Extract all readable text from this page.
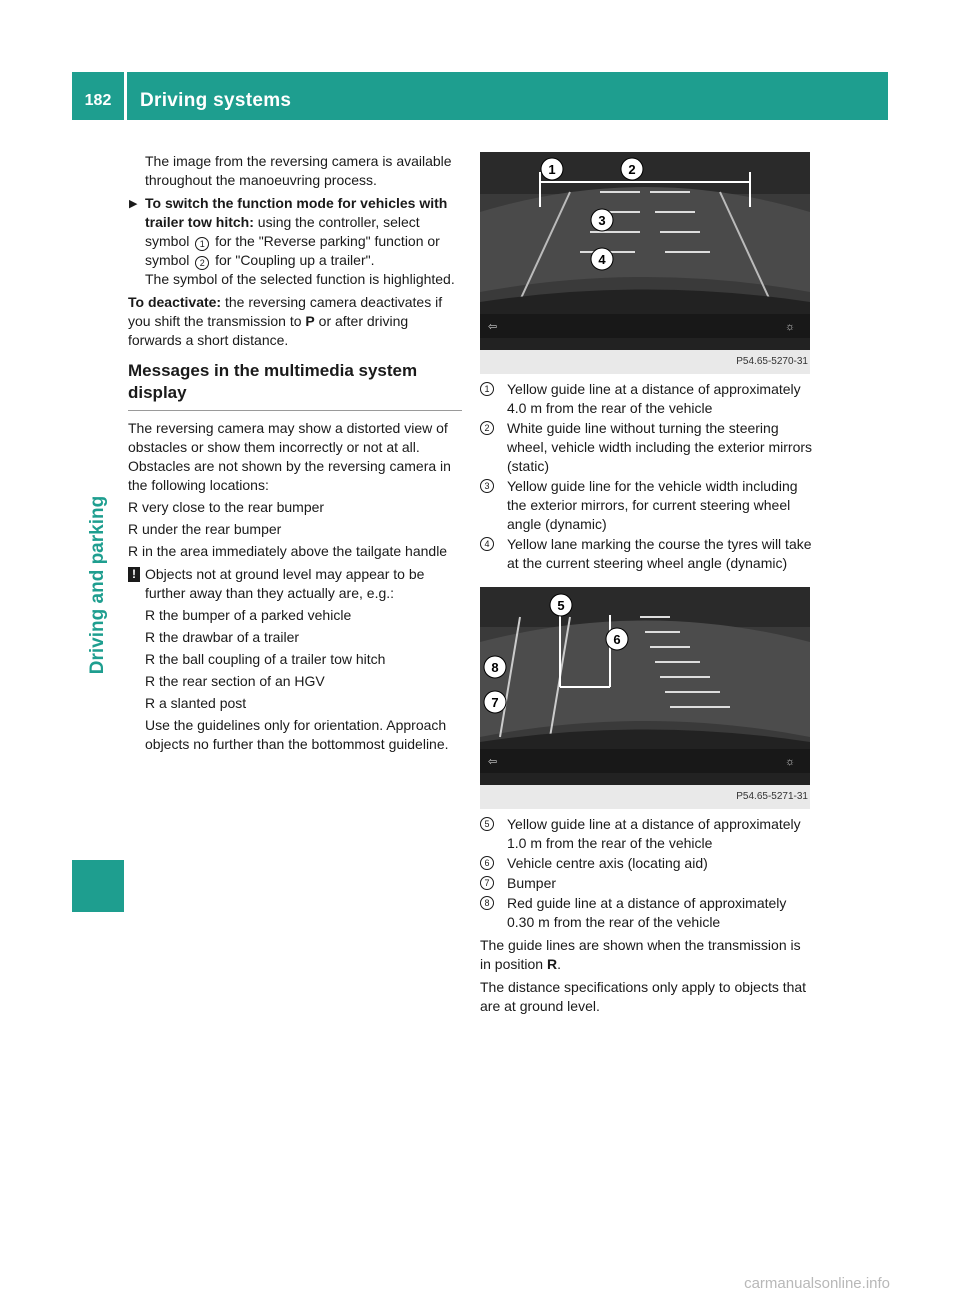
182	Driving systems
Driving and parking

The image from the reversing camera is available throughout the manoeuvring process.

▶ To switch the function mode for vehicles with trailer tow hitch: using the controller, select symbol 1 for the "Reverse parking" function or symbol 2 for "Coupling up a trailer".

The symbol of the selected function is highlighted.

To deactivate: the reversing camera deactivates if you shift the transmission to P or after driving forwards a short distance.

Messages in the multimedia system display

The reversing camera may show a distorted view of obstacles or show them incorrectly or not at all. Obstacles are not shown by the reversing camera in the following locations:

R very close to the rear bumper
R under the rear bumper
R in the area immediately above the tailgate handle
! Objects not at ground level may appear to be further away than they actually are, e.g.:

R the bumper of a parked vehicle
R the drawbar of a trailer
R the ball coupling of a trailer tow hitch
R the rear section of an HGV
R a slanted post

Use the guidelines only for orientation. Approach objects no further than the bottommost guideline.

⇦	☼
1	2
3
4
P54.65-5270-31
1	Yellow guide line at a distance of approximately 4.0 m from the rear of the vehicle
2	White guide line without turning the steering wheel, vehicle width including the exterior mirrors (static)
3	Yellow guide line for the vehicle width including the exterior mirrors, for current steering wheel angle (dynamic)
4	Yellow lane marking the course the tyres will take at the current steering wheel angle (dynamic)
⇦	☼
5
6
7
8
P54.65-5271-31
5	Yellow guide line at a distance of approximately 1.0 m from the rear of the vehicle
6	Vehicle centre axis (locating aid)
7	Bumper
8	Red guide line at a distance of approximately 0.30 m from the rear of the vehicle

The guide lines are shown when the transmission is in position R.

The distance specifications only apply to objects that are at ground level.

carmanualsonline.info
